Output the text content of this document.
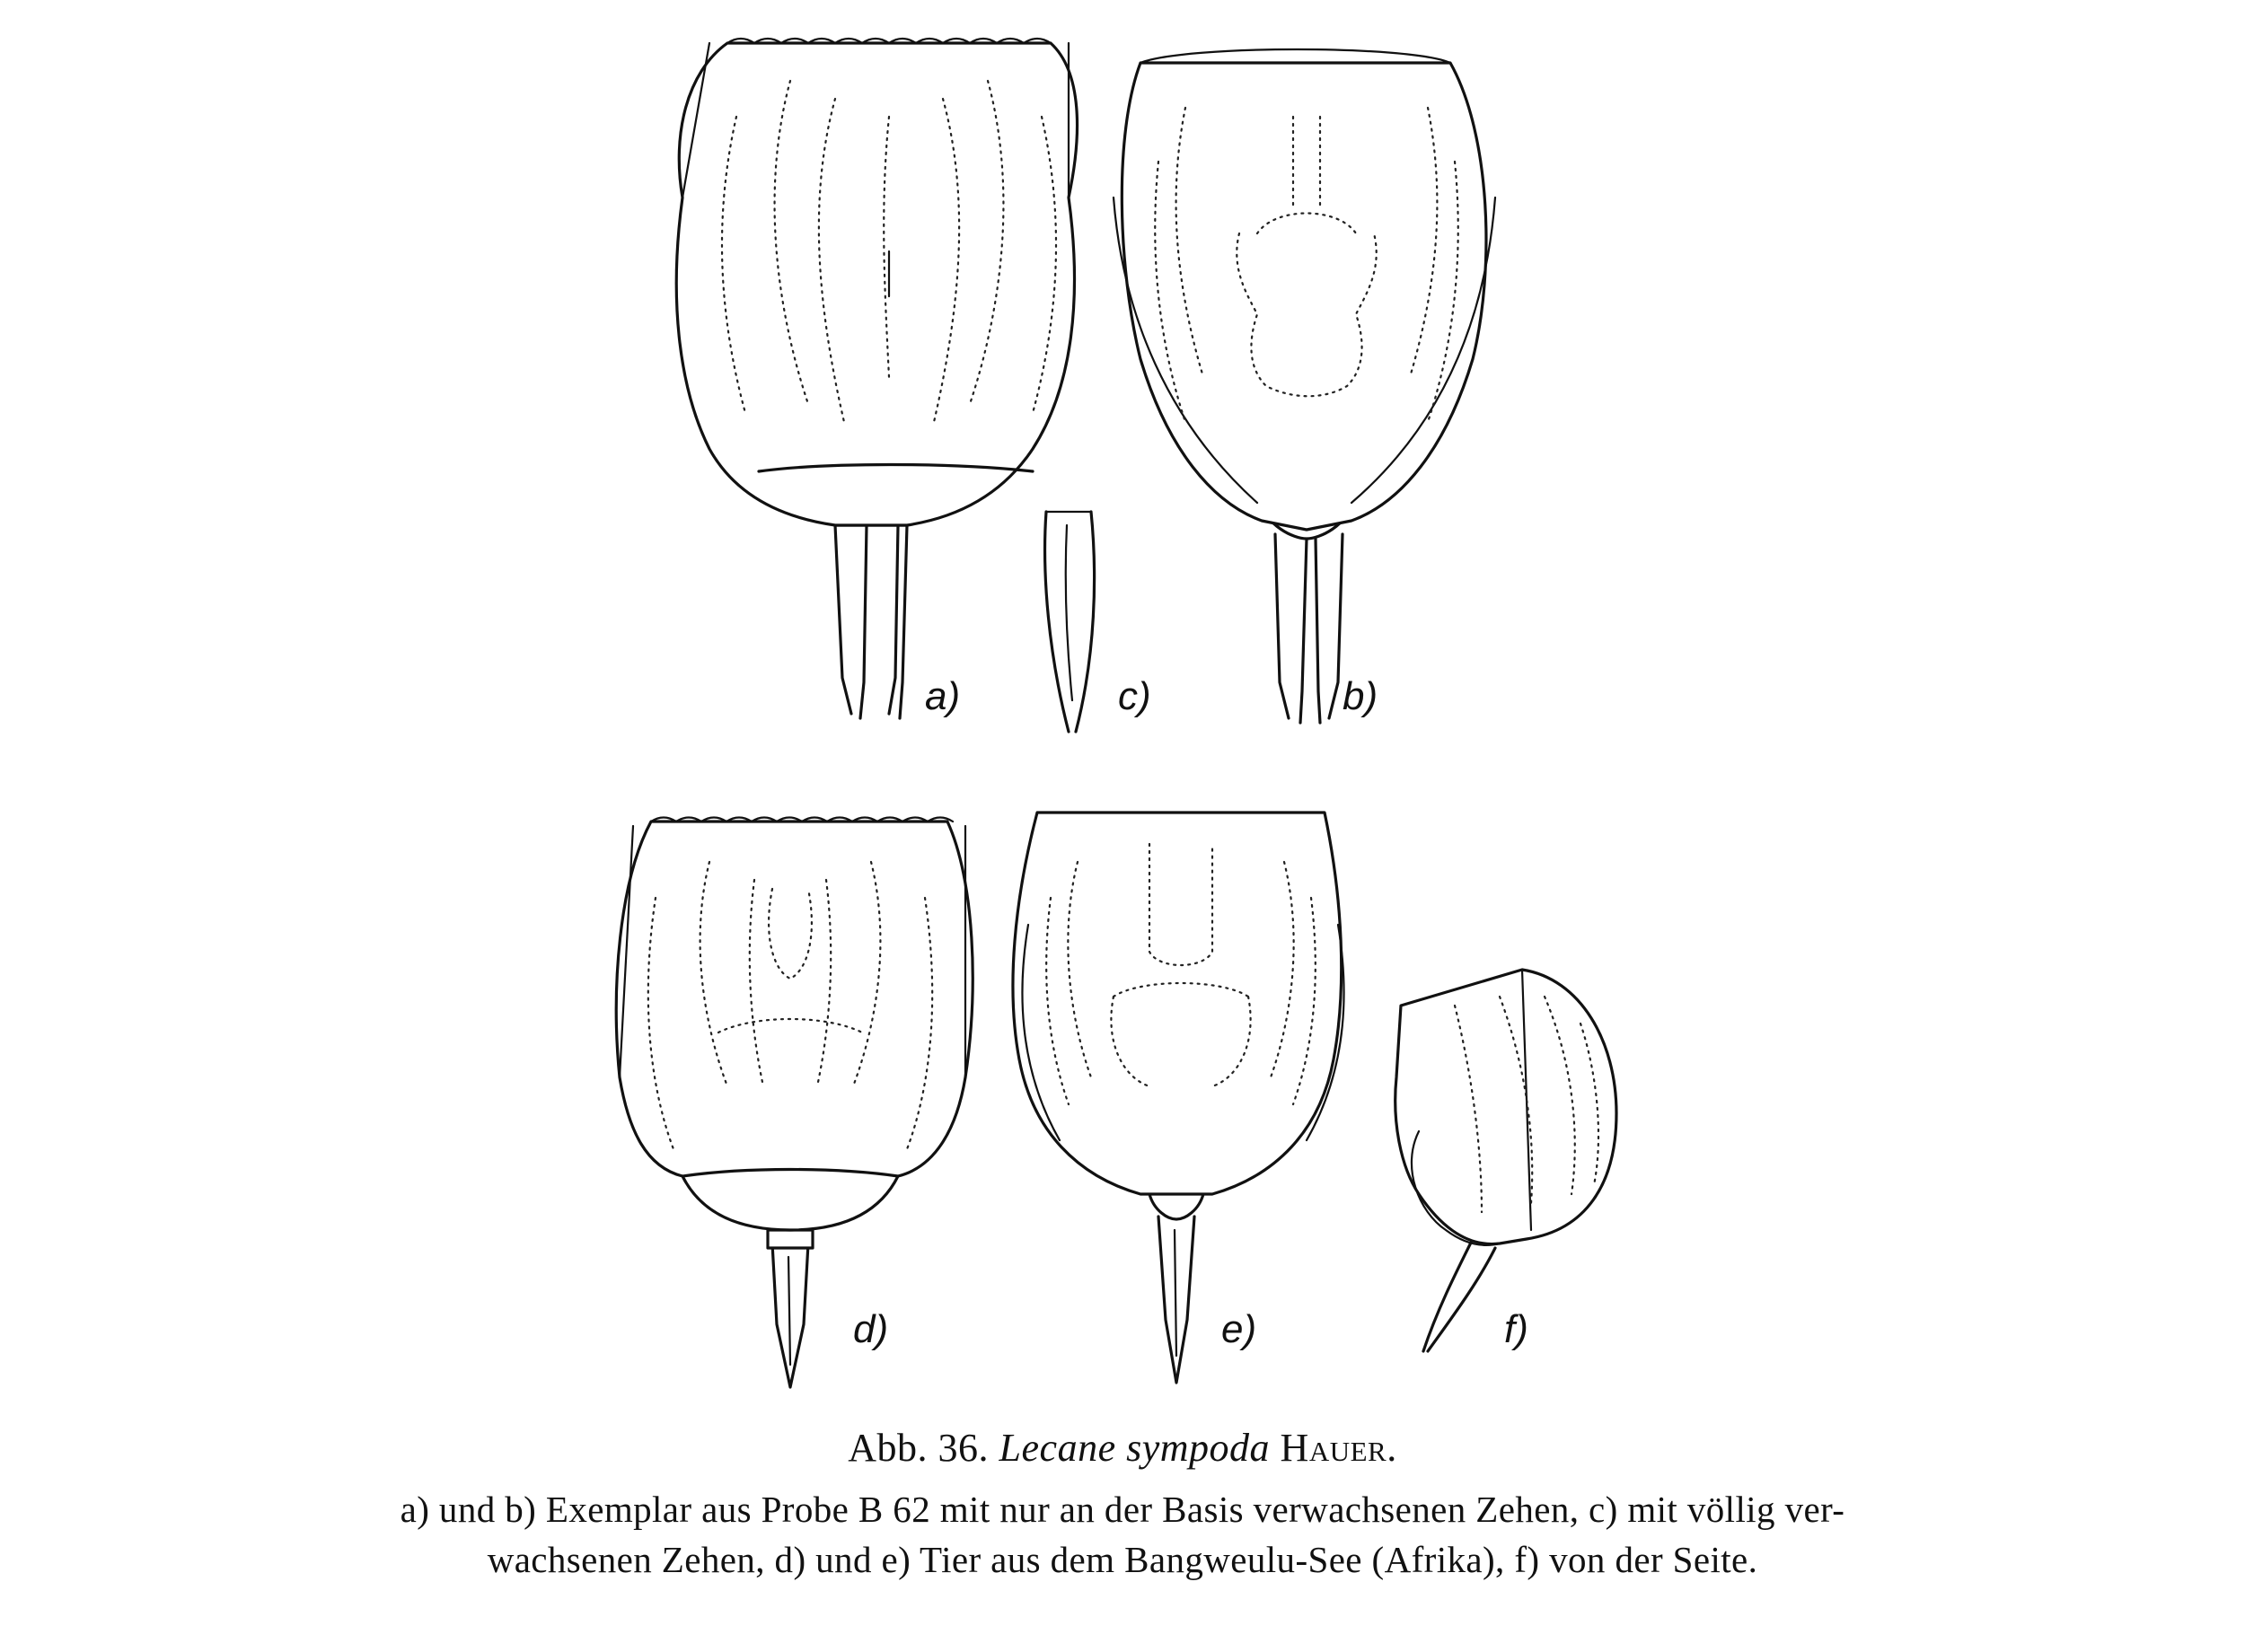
a)	c)	b)
d)	e)	f)
Abb. 36. Lecane sympoda Hauer.
a) und b) Exemplar aus Probe B 62 mit nur an der Basis verwachsenen Zehen, c) mit völlig ver-
wachsenen Zehen, d) und e) Tier aus dem Bangweulu-See (Afrika), f) von der Seite.
